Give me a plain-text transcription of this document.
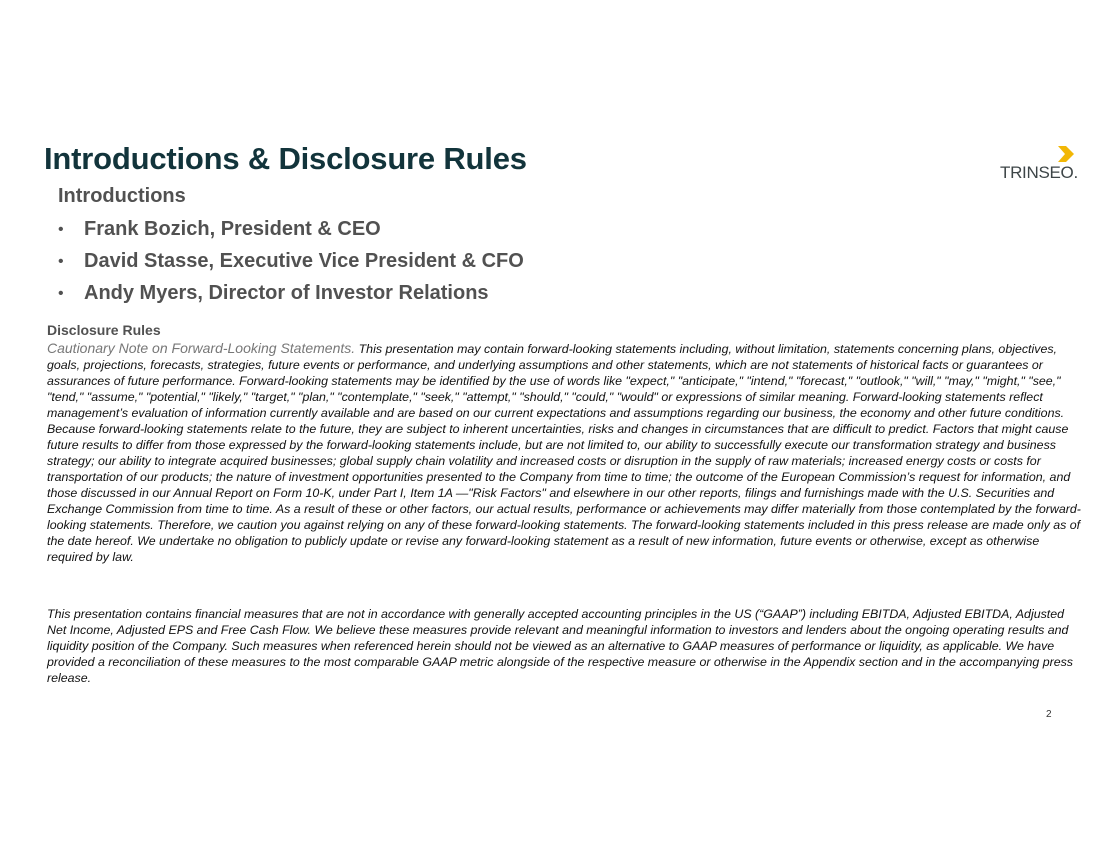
Introductions & Disclosure Rules	TRINSEO.
Introductions
• Frank Bozich, President & CEO
• David Stasse, Executive Vice President & CFO
• Andy Myers, Director of Investor Relations
Disclosure Rules

Cautionary Note on Forward-Looking Statements. This presentation may contain forward-looking statements including, without limitation, statements concerning plans, objectives, goals, projections, forecasts, strategies, future events or performance, and underlying assumptions and other statements, which are not statements of historical facts or guarantees or assurances of future performance. Forward-looking statements may be identified by the use of words like "expect," "anticipate," "intend," "forecast," "outlook," "will," "may," "might," "see," "tend," "assume," "potential," "likely," "target," "plan," "contemplate," "seek," "attempt," "should," "could," "would" or expressions of similar meaning. Forward-looking statements reflect management’s evaluation of information currently available and are based on our current expectations and assumptions regarding our business, the economy and other future conditions. Because forward-looking statements relate to the future, they are subject to inherent uncertainties, risks and changes in circumstances that are difficult to predict. Factors that might cause future results to differ from those expressed by the forward-looking statements include, but are not limited to, our ability to successfully execute our transformation strategy and business strategy; our ability to integrate acquired businesses; global supply chain volatility and increased costs or disruption in the supply of raw materials; increased energy costs or costs for transportation of our products; the nature of investment opportunities presented to the Company from time to time; the outcome of the European Commission’s request for information, and those discussed in our Annual Report on Form 10-K, under Part I, Item 1A —"Risk Factors" and elsewhere in our other reports, filings and furnishings made with the U.S. Securities and Exchange Commission from time to time. As a result of these or other factors, our actual results, performance or achievements may differ materially from those contemplated by the forward-looking statements. Therefore, we caution you against relying on any of these forward-looking statements. The forward-looking statements included in this press release are made only as of the date hereof. We undertake no obligation to publicly update or revise any forward-looking statement as a result of new information, future events or otherwise, except as otherwise required by law.

This presentation contains financial measures that are not in accordance with generally accepted accounting principles in the US (“GAAP”) including EBITDA, Adjusted EBITDA, Adjusted Net Income, Adjusted EPS and Free Cash Flow. We believe these measures provide relevant and meaningful information to investors and lenders about the ongoing operating results and liquidity position of the Company. Such measures when referenced herein should not be viewed as an alternative to GAAP measures of performance or liquidity, as applicable. We have provided a reconciliation of these measures to the most comparable GAAP metric alongside of the respective measure or otherwise in the Appendix section and in the accompanying press release.

2
